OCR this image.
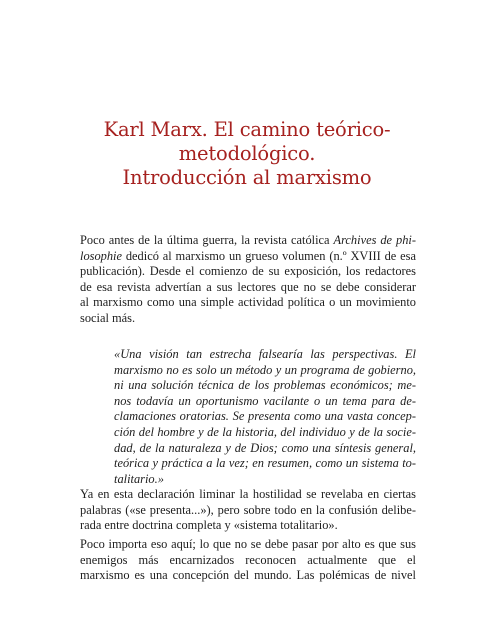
Karl Marx. El camino teórico-metodológico.
Introducción al marxismo
Poco antes de la última guerra, la revista católica Archives de phi-
losophie dedicó al marxismo un grueso volumen (n.º XVIII de esa
publicación). Desde el comienzo de su exposición, los redactores
de esa revista advertían a sus lectores que no se debe considerar
al marxismo como una simple actividad política o un movimiento
social más.
«Una visión tan estrecha falsearía las perspectivas. El
marxismo no es solo un método y un programa de gobierno,
ni una solución técnica de los problemas económicos; me-
nos todavía un oportunismo vacilante o un tema para de-
clamaciones oratorias. Se presenta como una vasta concep-
ción del hombre y de la historia, del individuo y de la socie-
dad, de la naturaleza y de Dios; como una síntesis general,
teórica y práctica a la vez; en resumen, como un sistema to-
talitario.»
Ya en esta declaración liminar la hostilidad se revelaba en ciertas
palabras («se presenta...»), pero sobre todo en la confusión delibe-
rada entre doctrina completa y «sistema totalitario».
Poco importa eso aquí; lo que no se debe pasar por alto es que sus
enemigos más encarnizados reconocen actualmente que el
marxismo es una concepción del mundo. Las polémicas de nivel
